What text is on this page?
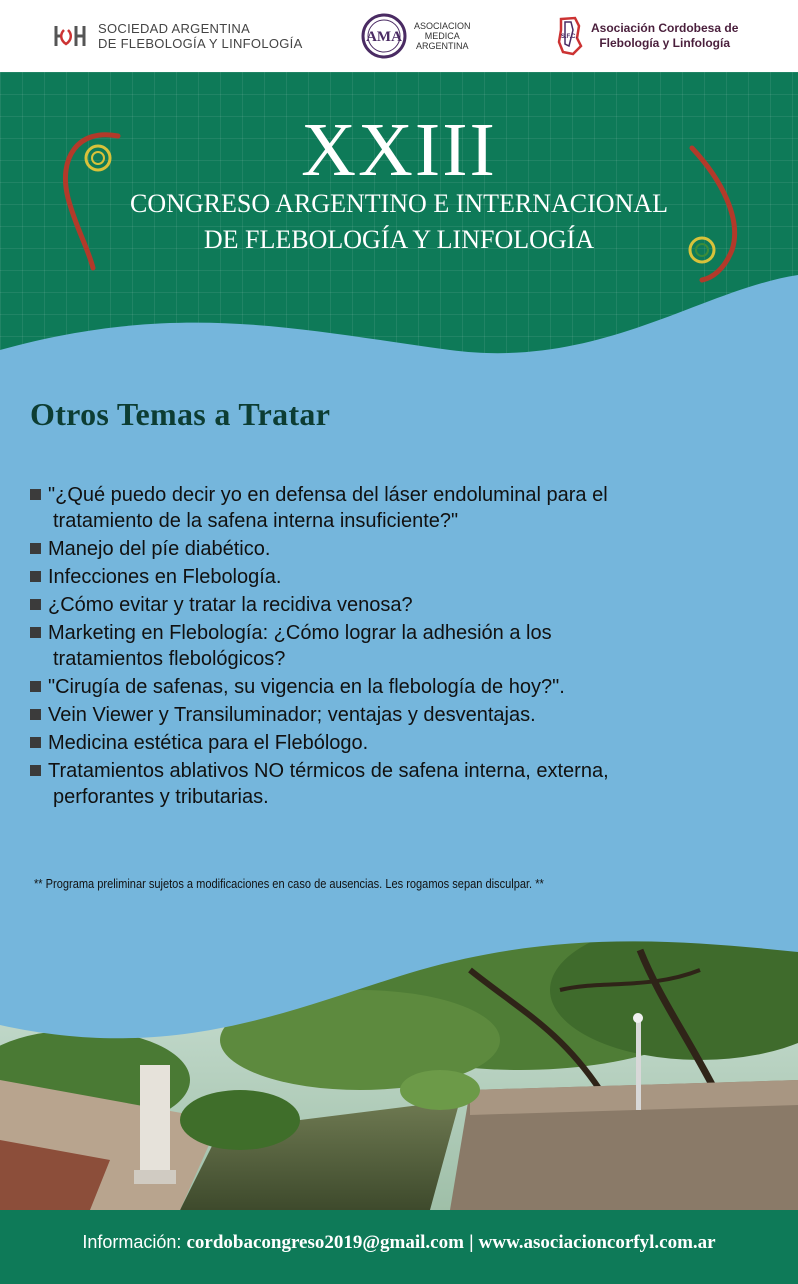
SOCIEDAD ARGENTINA
DE FLEBOLOGÍA Y LINFOLOGÍA	AMA
ASOCIACION
MEDICA
ARGENTINA
S.F.C.
Asociación Cordobesa de
Flebología y Linfología
XXIII
CONGRESO ARGENTINO E INTERNACIONAL
DE FLEBOLOGÍA Y LINFOLOGÍA
Otros Temas a Tratar
"¿Qué puedo decir yo en defensa del láser endoluminal para el
tratamiento de la safena interna insuficiente?"
Manejo del píe diabético.
Infecciones en Flebología.
¿Cómo evitar y tratar la recidiva venosa?
Marketing en Flebología: ¿Cómo lograr la adhesión a los
tratamientos flebológicos?
"Cirugía de safenas, su vigencia en la flebología de hoy?".
Vein Viewer y Transiluminador; ventajas y desventajas.
Medicina estética para el Flebólogo.
Tratamientos ablativos NO térmicos de safena interna, externa,
perforantes y tributarias.
** Programa preliminar sujetos a modificaciones en caso de ausencias. Les rogamos sepan disculpar. **
Información: cordobacongreso2019@gmail.com | www.asociacioncorfyl.com.ar
